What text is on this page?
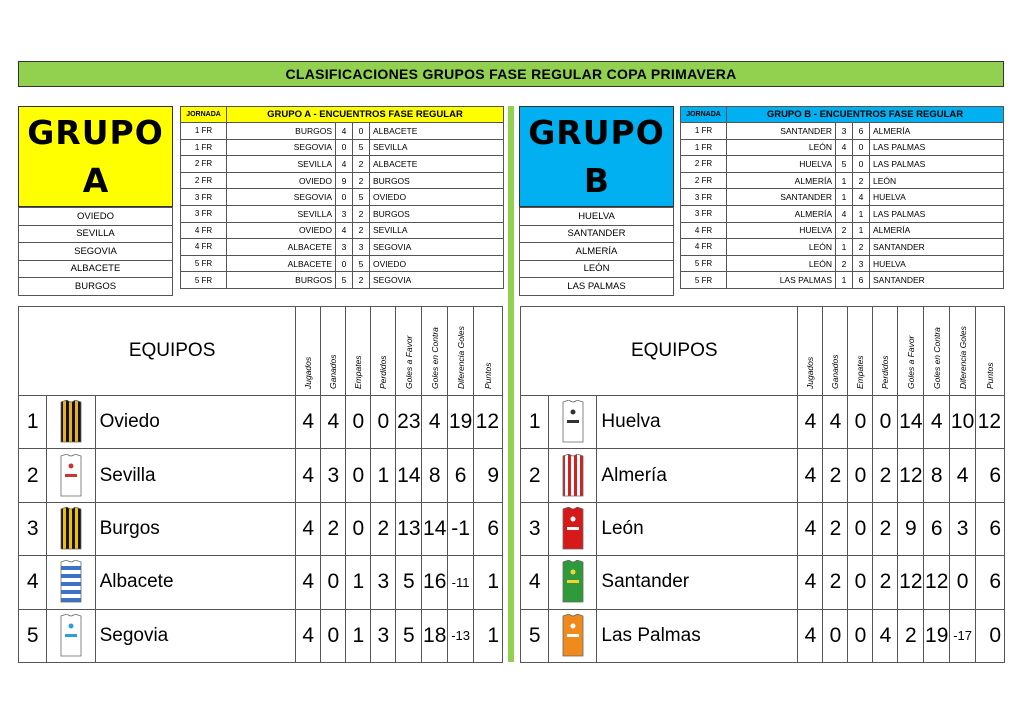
CLASIFICACIONES GRUPOS FASE REGULAR COPA PRIMAVERA
GRUPO
A
OVIEDO
SEVILLA
SEGOVIA
ALBACETE
BURGOS
JORNADA	GRUPO A - ENCUENTROS FASE REGULAR			
1 FR	BURGOS	4	0	ALBACETE
1 FR	SEGOVIA	0	5	SEVILLA
2 FR	SEVILLA	4	2	ALBACETE
2 FR	OVIEDO	9	2	BURGOS
3 FR	SEGOVIA	0	5	OVIEDO
3 FR	SEVILLA	3	2	BURGOS
4 FR	OVIEDO	4	2	SEVILLA
4 FR	ALBACETE	3	3	SEGOVIA
5 FR	ALBACETE	0	5	OVIEDO
5 FR	BURGOS	5	2	SEGOVIA
EQUIPOS			Jugados	Ganados	Empates	Perdidos	Goles a Favor	Goles en Contra	Diferencia Goles	Puntos

1		Oviedo	4	4	0	0	23	4	19	12
2		Sevilla	4	3	0	1	14	8	6	9
3		Burgos	4	2	0	2	13	14	-1	6
4		Albacete	4	0	1	3	5	16	-11	1
5		Segovia	4	0	1	3	5	18	-13	1
GRUPO
B
HUELVA
SANTANDER
ALMERÍA
LEÓN
LAS PALMAS
JORNADA	GRUPO B - ENCUENTROS FASE REGULAR			
1 FR	SANTANDER	3	6	ALMERÍA
1 FR	LEÓN	4	0	LAS PALMAS
2 FR	HUELVA	5	0	LAS PALMAS
2 FR	ALMERÍA	1	2	LEÓN
3 FR	SANTANDER	1	4	HUELVA
3 FR	ALMERÍA	4	1	LAS PALMAS
4 FR	HUELVA	2	1	ALMERÍA
4 FR	LEÓN	1	2	SANTANDER
5 FR	LEÓN	2	3	HUELVA
5 FR	LAS PALMAS	1	6	SANTANDER
EQUIPOS			Jugados	Ganados	Empates	Perdidos	Goles a Favor	Goles en Contra	Diferencia Goles	Puntos

1		Huelva	4	4	0	0	14	4	10	12
2		Almería	4	2	0	2	12	8	4	6
3		León	4	2	0	2	9	6	3	6
4		Santander	4	2	0	2	12	12	0	6
5		Las Palmas	4	0	0	4	2	19	-17	0
